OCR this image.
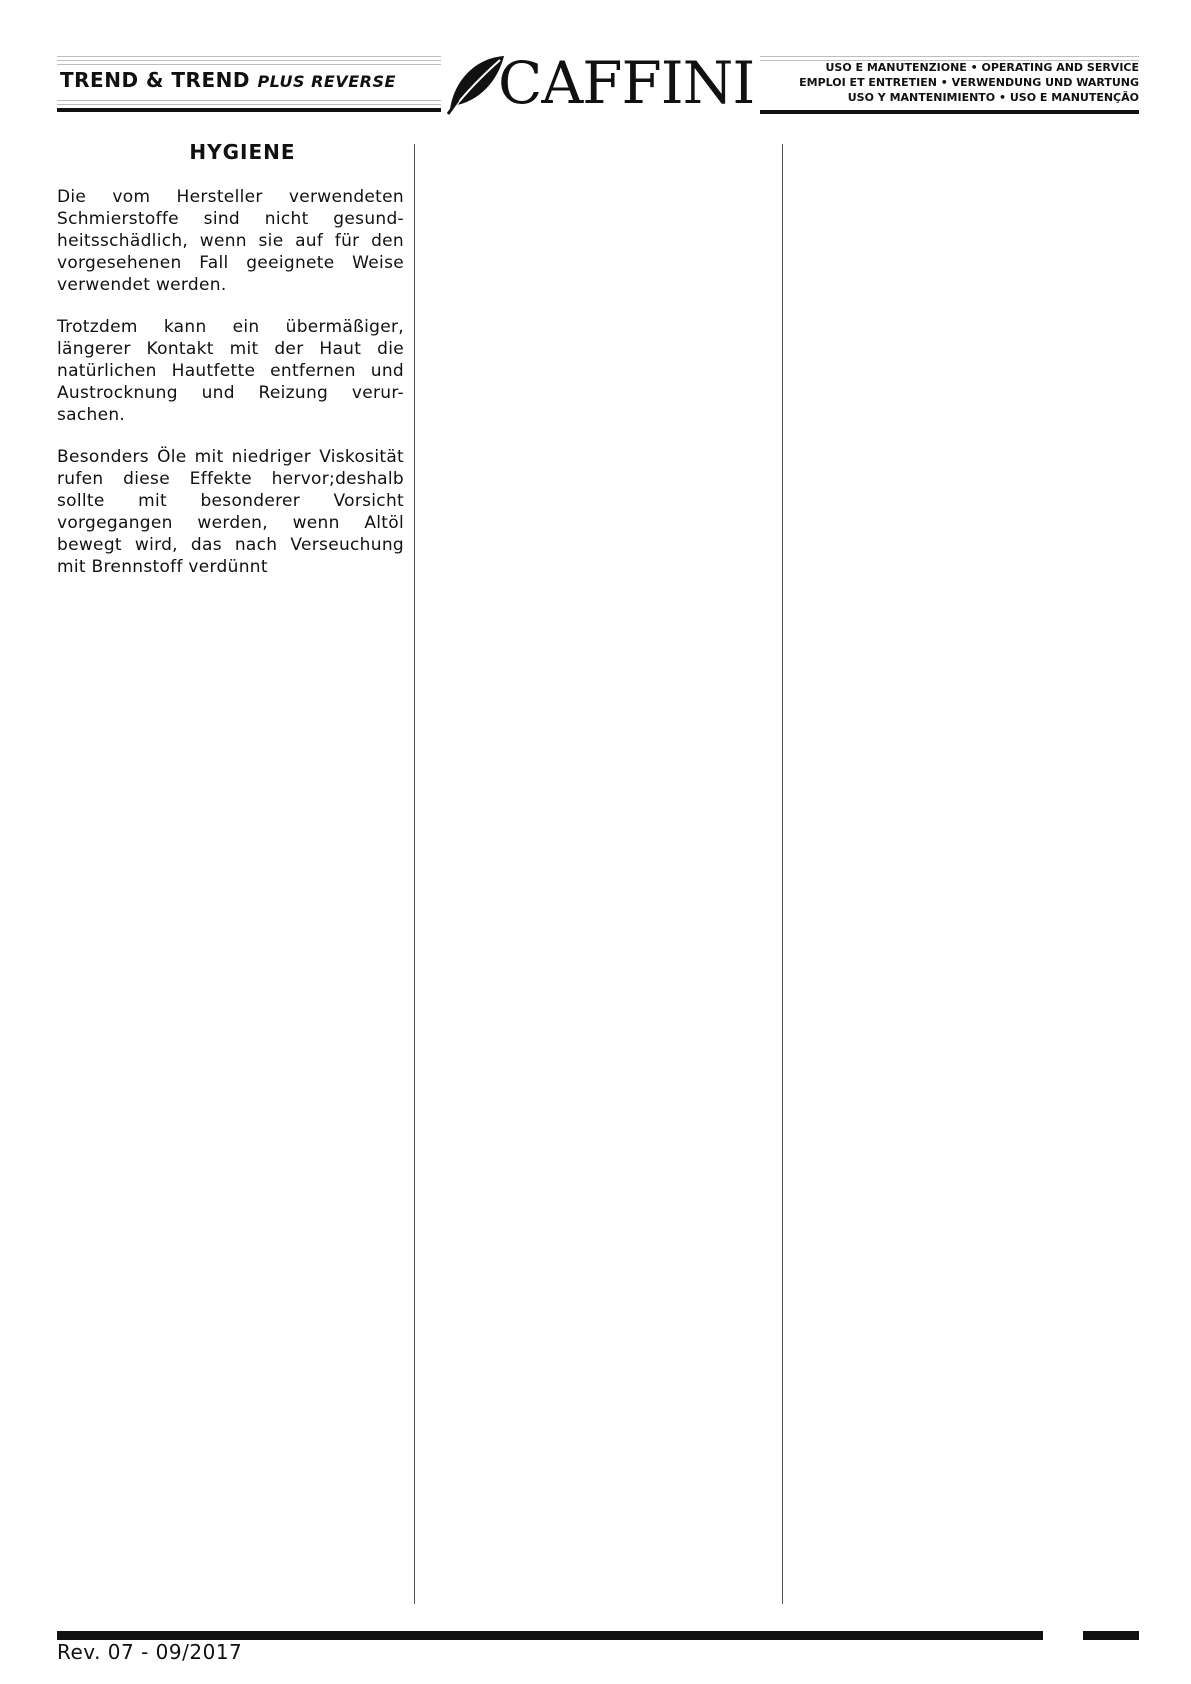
TREND & TREND PLUS REVERSE CAFFINI	USO E MANUTENZIONE • OPERATING AND SERVICE
EMPLOI ET ENTRETIEN • VERWENDUNG UND WARTUNG
USO Y MANTENIMIENTO • USO E MANUTENÇÃO
HYGIENE

Die vom Hersteller verwendeten Schmierstoffe sind nicht gesund-heitsschädlich, wenn sie auf für den vorgesehenen Fall geeignete Weise verwendet werden.

Trotzdem kann ein übermäßiger, längerer Kontakt mit der Haut die natürlichen Hautfette entfernen und Austrocknung und Reizung verur-sachen.

Besonders Öle mit niedriger Viskosität rufen diese Effekte hervor;deshalb sollte mit besonderer Vorsicht vorgegangen werden, wenn Altöl bewegt wird, das nach Verseuchung mit Brennstoff verdünnt

Rev. 07 - 09/2017
